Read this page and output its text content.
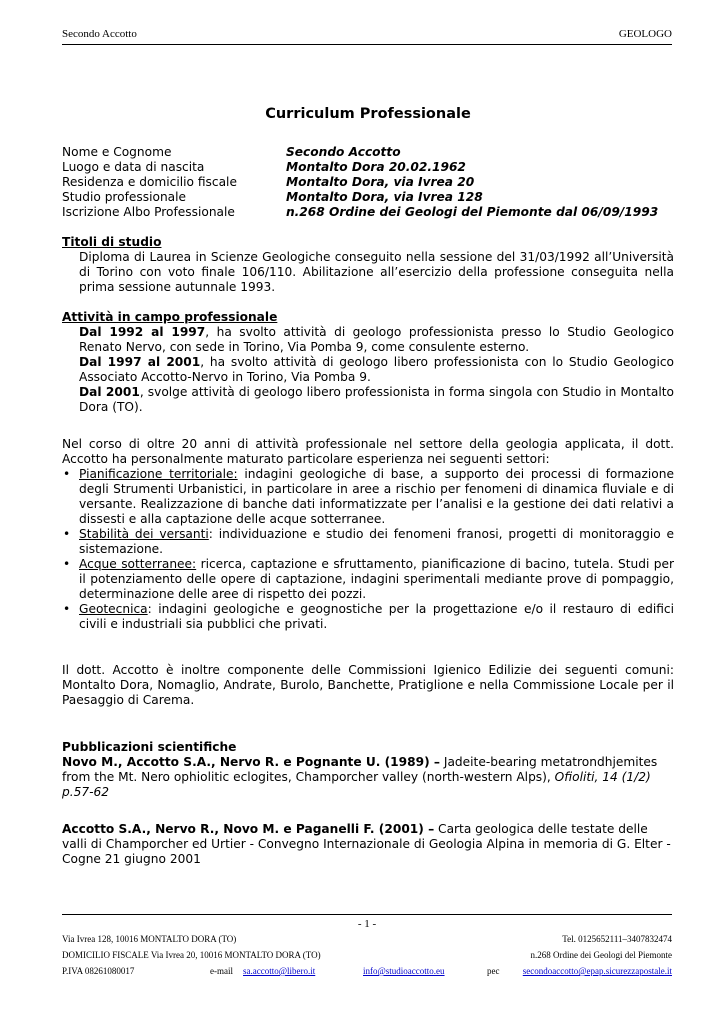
Secondo Accotto	GEOLOGO
Curriculum Professionale
Nome e Cognome	Secondo Accotto
Luogo e data di nascita	Montalto Dora 20.02.1962
Residenza e domicilio fiscale	Montalto Dora, via Ivrea 20
Studio professionale	Montalto Dora, via Ivrea 128
Iscrizione Albo Professionale	n.268 Ordine dei Geologi del Piemonte dal 06/09/1993
Titoli di studio

Diploma di Laurea in Scienze Geologiche conseguito nella sessione del 31/03/1992 all’Università di Torino con voto finale 106/110. Abilitazione all’esercizio della professione conseguita nella prima sessione autunnale 1993.

Attività in campo professionale

Dal 1992 al 1997, ha svolto attività di geologo professionista presso lo Studio Geologico Renato Nervo, con sede in Torino, Via Pomba 9, come consulente esterno.

Dal 1997 al 2001, ha svolto attività di geologo libero professionista con lo Studio Geologico Associato Accotto-Nervo in Torino, Via Pomba 9.

Dal 2001, svolge attività di geologo libero professionista in forma singola con Studio in Montalto Dora (TO).

Nel corso di oltre 20 anni di attività professionale nel settore della geologia applicata, il dott. Accotto ha personalmente maturato particolare esperienza nei seguenti settori:

• Pianificazione territoriale: indagini geologiche di base, a supporto dei processi di formazione degli Strumenti Urbanistici, in particolare in aree a rischio per fenomeni di dinamica fluviale e di versante. Realizzazione di banche dati informatizzate per l’analisi e la gestione dei dati relativi a dissesti e alla captazione delle acque sotterranee.
• Stabilità dei versanti: individuazione e studio dei fenomeni franosi, progetti di monitoraggio e sistemazione.
• Acque sotterranee: ricerca, captazione e sfruttamento, pianificazione di bacino, tutela. Studi per il potenziamento delle opere di captazione, indagini sperimentali mediante prove di pompaggio, determinazione delle aree di rispetto dei pozzi.
• Geotecnica: indagini geologiche e geognostiche per la progettazione e/o il restauro di edifici civili e industriali sia pubblici che privati.

Il dott. Accotto è inoltre componente delle Commissioni Igienico Edilizie dei seguenti comuni: Montalto Dora, Nomaglio, Andrate, Burolo, Banchette, Pratiglione e nella Commissione Locale per il Paesaggio di Carema.

Pubblicazioni scientifiche

Novo M., Accotto S.A., Nervo R. e Pognante U. (1989) – Jadeite-bearing metatrondhjemites from the Mt. Nero ophiolitic eclogites, Champorcher valley (north-western Alps), Ofioliti, 14 (1/2) p.57-62

Accotto S.A., Nervo R., Novo M. e Paganelli F. (2001) – Carta geologica delle testate delle valli di Champorcher ed Urtier - Convegno Internazionale di Geologia Alpina in memoria di G. Elter - Cogne 21 giugno 2001

- 1 -
Via Ivrea 128, 10016 MONTALTO DORA (TO)	Tel. 0125652111–3407832474
DOMICILIO FISCALE Via Ivrea 20, 10016 MONTALTO DORA (TO)	n.268 Ordine dei Geologi del Piemonte
P.IVA 08261080017	e-mail sa.accotto@libero.it	info@studioaccotto.eu	pec	secondoaccotto@epap.sicurezzapostale.it
